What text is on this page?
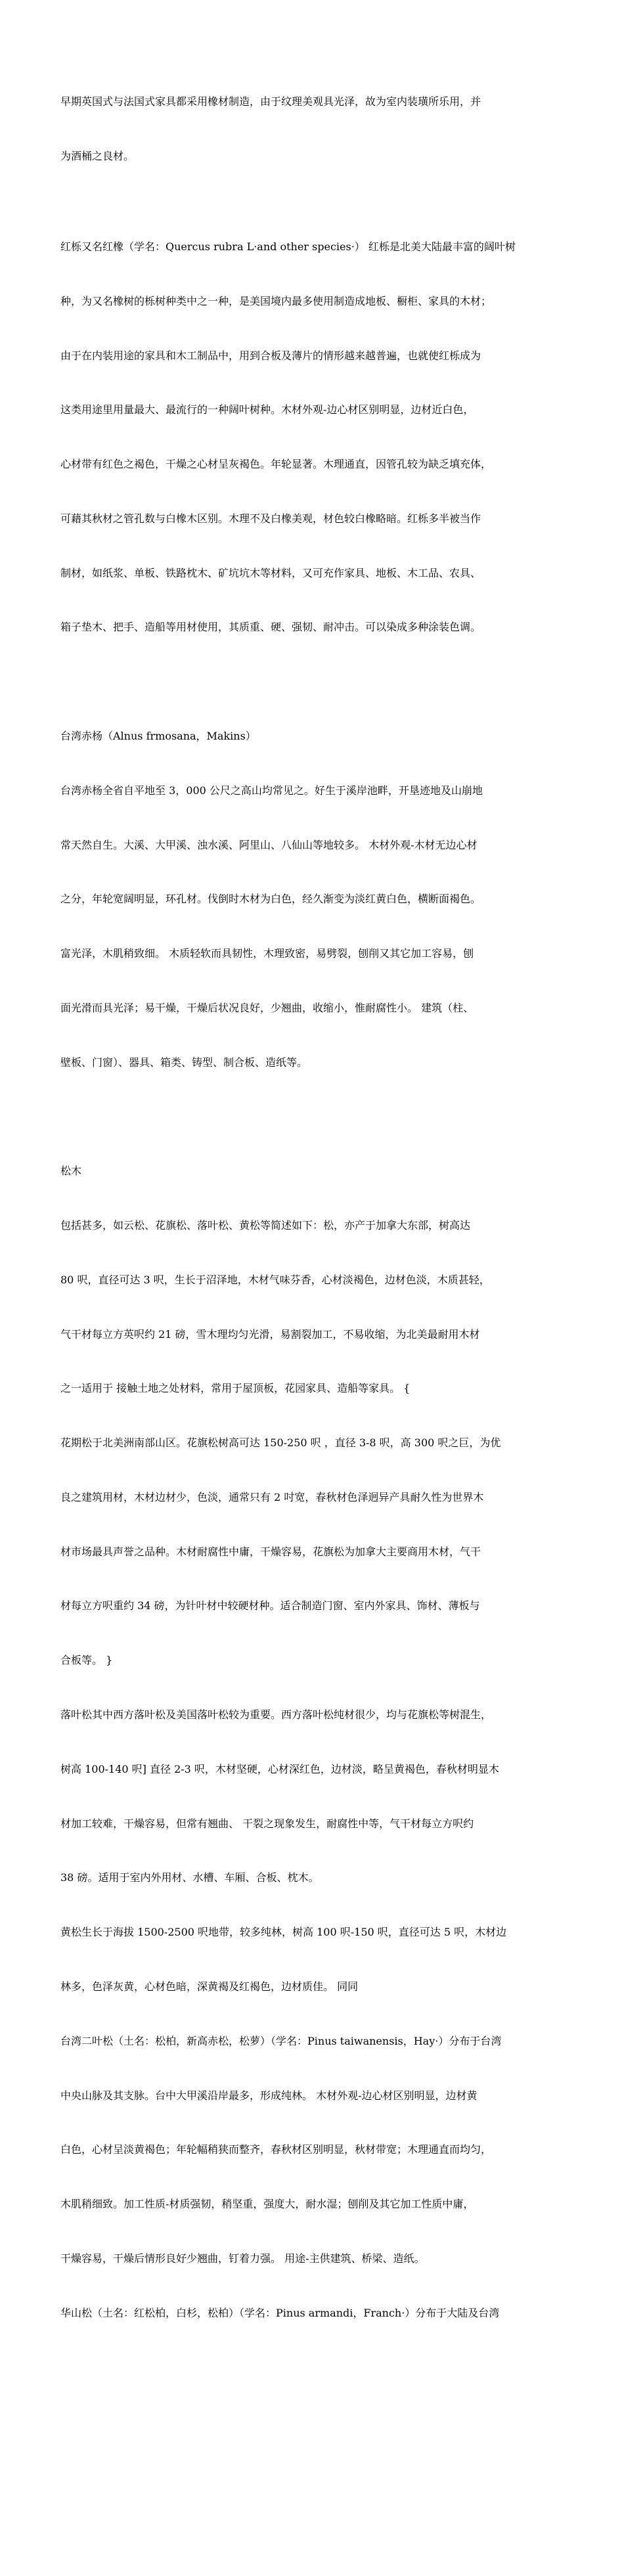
早期英国式与法国式家具都采用橡材制造，由于纹理美观具光泽，故为室内装璜所乐用，并

为酒桶之良材。

红栎又名红橡（学名：Quercus rubra L·and other species·） 红栎是北美大陆最丰富的阔叶树

种，为又名橡树的栎树种类中之一种，是美国境内最多使用制造成地板、橱柜、家具的木材；

由于在内装用途的家具和木工制品中，用到合板及薄片的情形越来越普遍，也就使红栎成为

这类用途里用量最大、最流行的一种阔叶树种。木材外观-边心材区别明显，边材近白色，

心材带有红色之褐色，干燥之心材呈灰褐色。年轮显著。木理通直，因管孔较为缺乏填充体，

可藉其秋材之管孔数与白橡木区别。木理不及白橡美观，材色较白橡略暗。红栎多半被当作

制材，如纸浆、单板、铁路枕木、矿坑坑木等材料，又可充作家具、地板、木工品、农具、

箱子垫木、把手、造船等用材使用，其质重、硬、强韧、耐冲击。可以染成多种涂装色调。

台湾赤杨（Alnus frmosana，Makins）

台湾赤杨全省自平地至 3，000 公尺之高山均常见之。好生于溪岸池畔，开垦迹地及山崩地

常天然自生。大溪、大甲溪、浊水溪、阿里山、八仙山等地较多。 木材外观-木材无边心材

之分，年轮宽阔明显，环孔材。伐倒时木材为白色，经久渐变为淡红黄白色，横断面褐色。

富光泽，木肌稍致细。 木质轻软而具韧性，木理致密，易劈裂，刨削又其它加工容易，刨

面光滑而具光泽；易干燥，干燥后状况良好，少翘曲，收缩小，惟耐腐性小。 建筑（柱、

壁板、门窗）、器具、箱类、铸型、制合板、造纸等。

松木

包括甚多，如云松、花旗松、落叶松、黄松等简述如下：松，亦产于加拿大东部，树高达

80 呎，直径可达 3 呎，生长于沼泽地，木材气味芬香，心材淡褐色，边材色淡，木质甚轻，

气干材每立方英呎约 21 磅，雪木理均匀光滑，易割裂加工，不易收缩，为北美最耐用木材

之一适用于 接触土地之处材料，常用于屋顶板，花园家具、造船等家具。 {

花期松于北美洲南部山区。花旗松树高可达 150-250 呎 ，直径 3-8 呎，高 300 呎之巨，为优

良之建筑用材，木材边材少，色淡，通常只有 2 吋宽，春秋材色泽迥异产具耐久性为世界木

材市场最具声誉之品种。木材耐腐性中庸，干燥容易，花旗松为加拿大主要商用木材，气干

材每立方呎重约 34 磅，为针叶材中较硬材种。适合制造门窗、室内外家具、饰材、薄板与

合板等。 }

落叶松其中西方落叶松及美国落叶松较为重要。西方落叶松纯材很少，均与花旗松等树混生，

树高 100-140 呎] 直径 2-3 呎，木材坚硬，心材深红色，边材淡，略呈黄褐色，春秋材明显木

材加工较难，干燥容易，但常有翘曲、 干裂之现象发生，耐腐性中等，气干材每立方呎约

38 磅。适用于室内外用材、水槽、车厢、合板、枕木。

黄松生长于海拔 1500-2500 呎地带，较多纯林，树高 100 呎-150 呎，直径可达 5 呎，木材边

林多，色泽灰黄，心材色暗，深黄褐及红褐色，边材质佳。 同同

台湾二叶松（土名：松柏，新高赤松，松萝）（学名：Pinus taiwanensis，Hay·）分布于台湾

中央山脉及其支脉。台中大甲溪沿岸最多，形成纯林。 木材外观-边心材区别明显，边材黄

白色，心材呈淡黄褐色；年轮幅稍狭而整齐，春秋材区别明显，秋材带宽；木理通直而均匀，

木肌稍细致。加工性质-材质强韧，稍坚重，强度大，耐水湿；刨削及其它加工性质中庸，

干燥容易，干燥后情形良好少翘曲，钉着力强。 用途-主供建筑、桥梁、造纸。

华山松（土名：红松柏，白杉，松柏）（学名：Pinus armandi，Franch·）分布于大陆及台湾
